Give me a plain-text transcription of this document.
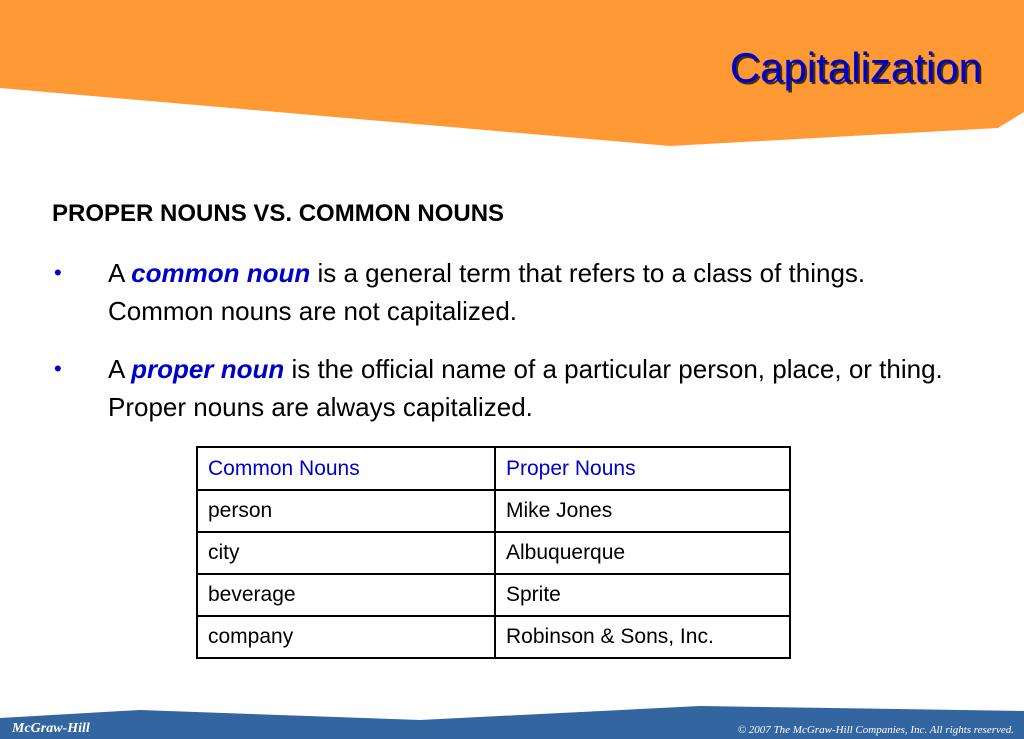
Capitalization
PROPER NOUNS VS. COMMON NOUNS
• A common noun is a general term that refers to a class of things. Common nouns are not capitalized.
• A proper noun is the official name of a particular person, place, or thing. Proper nouns are always capitalized.
Common Nouns	Proper Nouns
person	Mike Jones
city	Albuquerque
beverage	Sprite
company	Robinson & Sons, Inc.
McGraw-Hill	© 2007 The McGraw-Hill Companies, Inc. All rights reserved.
